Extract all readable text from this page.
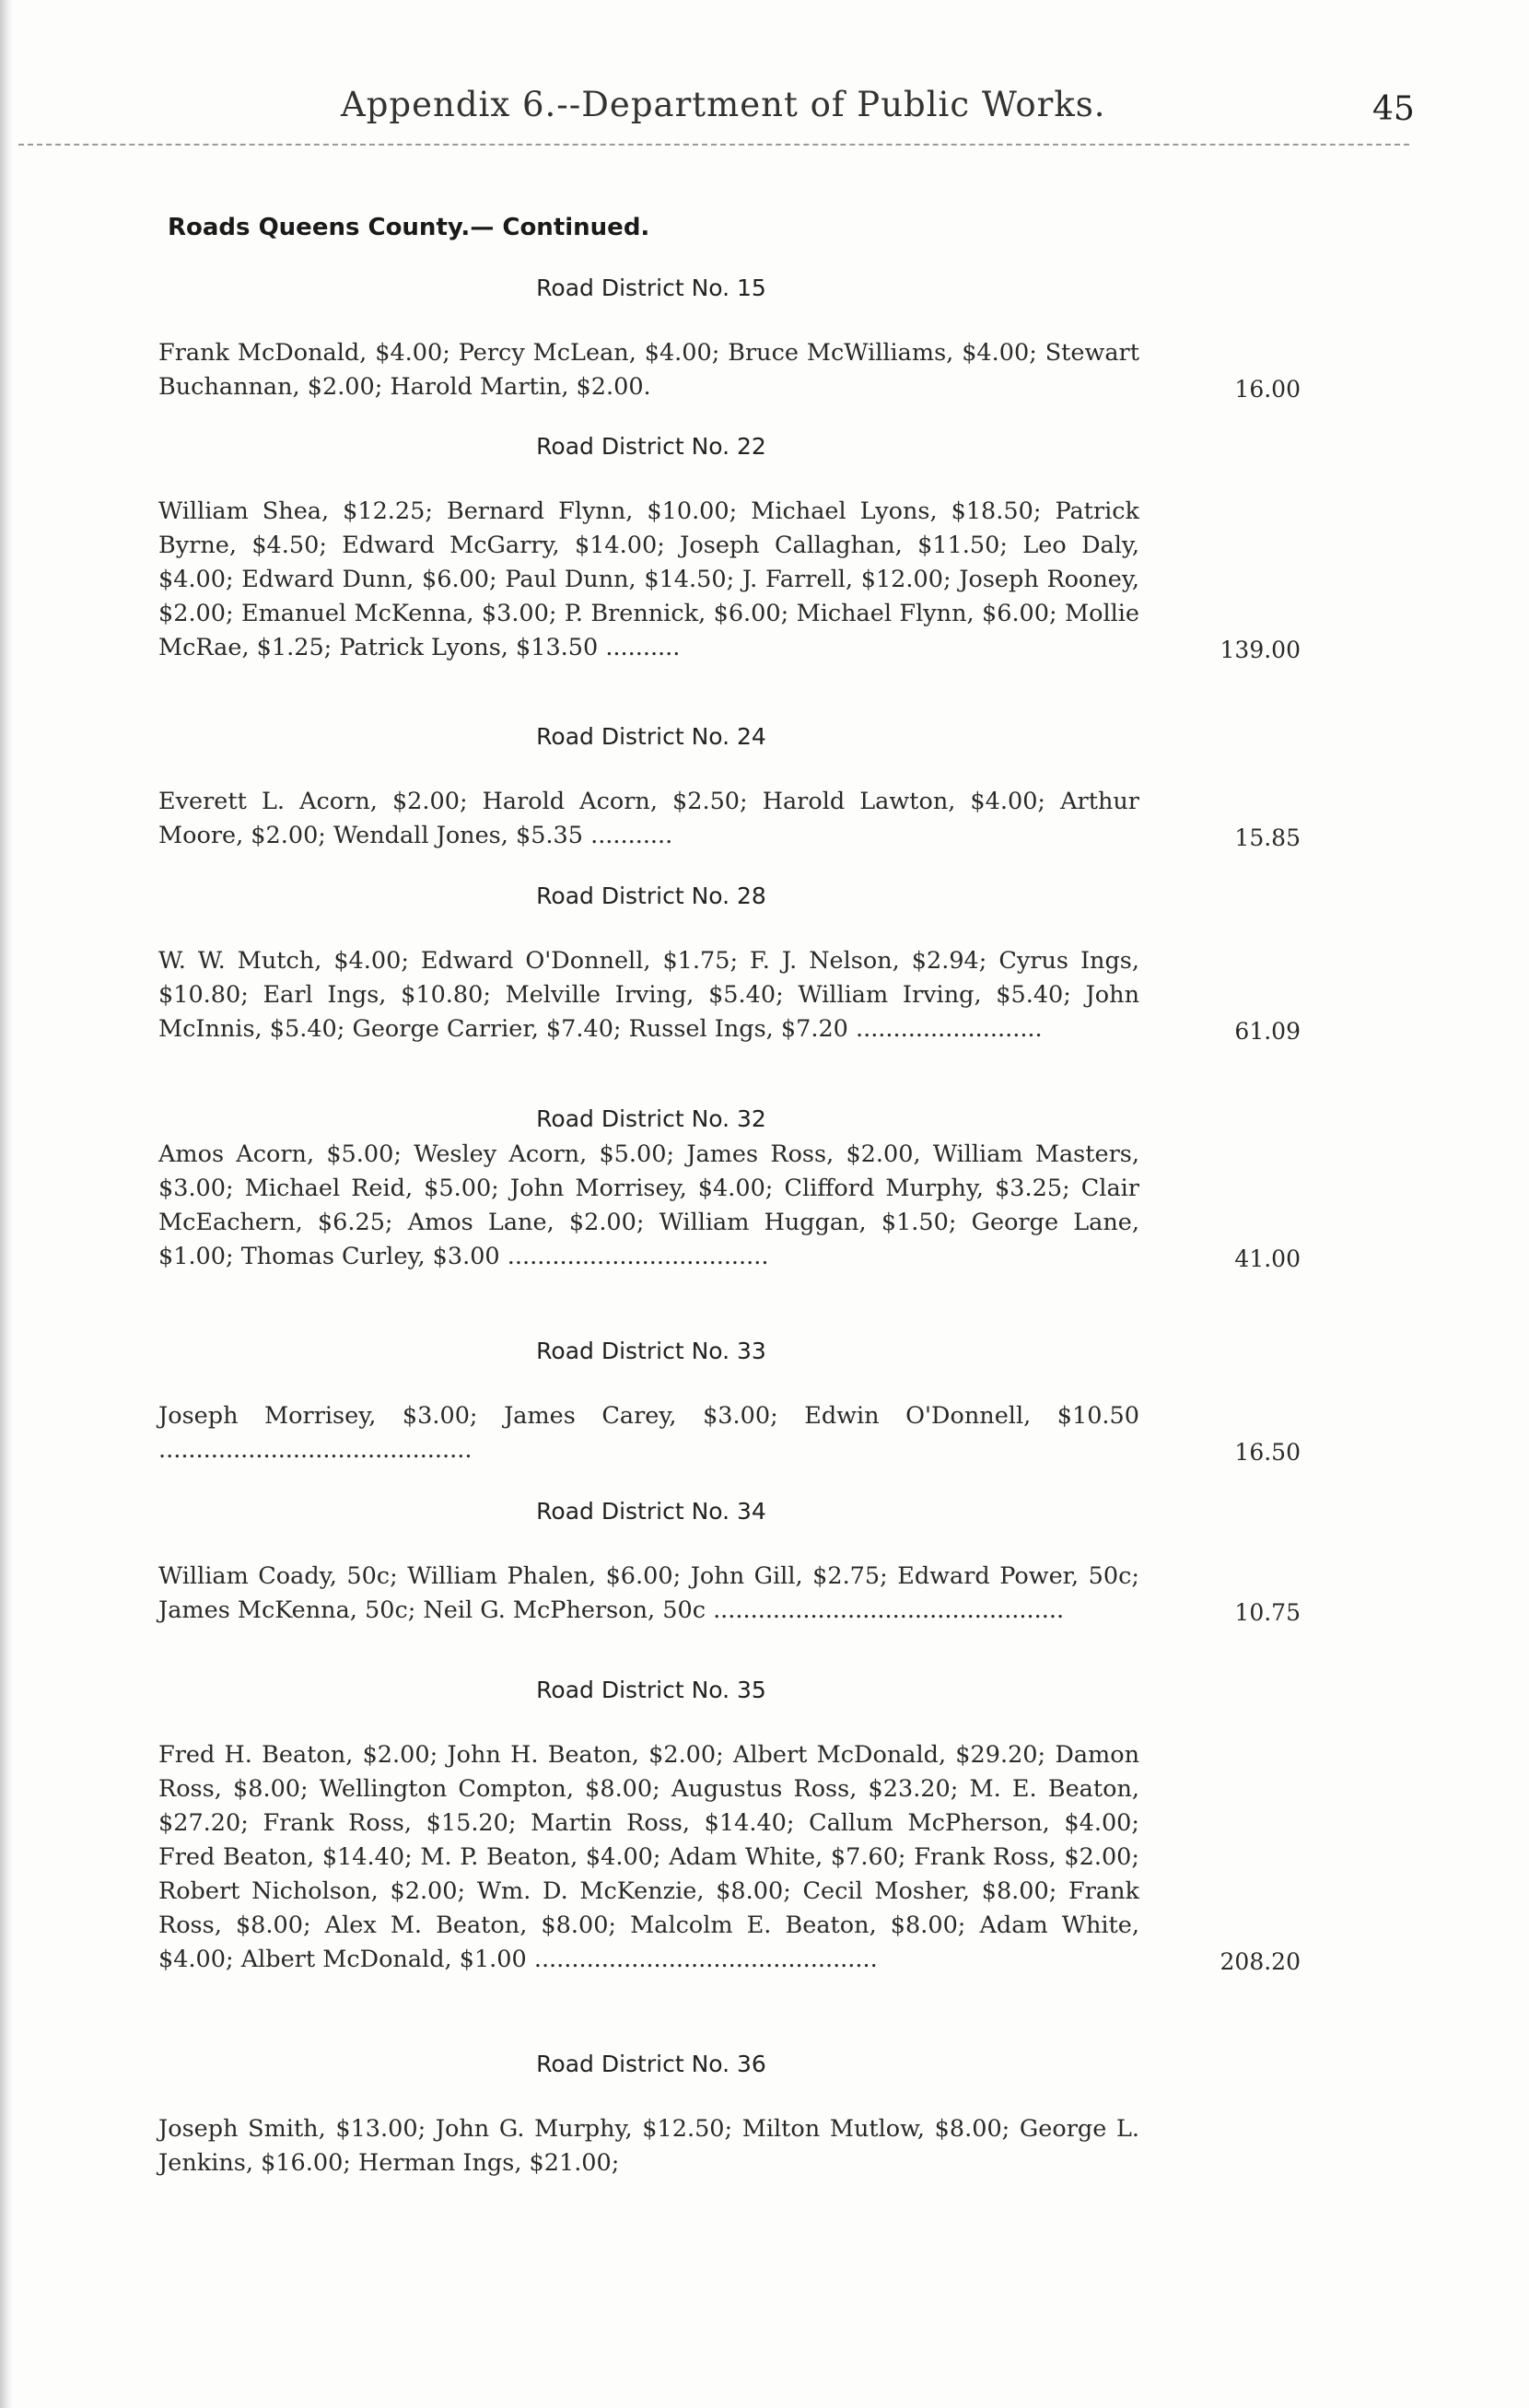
Appendix 6.--Department of Public Works.	45
Roads Queens County.— Continued.
Road District No. 15
Frank McDonald, $4.00; Percy McLean, $4.00; Bruce McWilliams, $4.00; Stewart Buchannan, $2.00; Harold Martin, $2.00.	16.00
Road District No. 22
William Shea, $12.25; Bernard Flynn, $10.00; Michael Lyons, $18.50; Patrick Byrne, $4.50; Edward McGarry, $14.00; Joseph Callaghan, $11.50; Leo Daly, $4.00; Edward Dunn, $6.00; Paul Dunn, $14.50; J. Farrell, $12.00; Joseph Rooney, $2.00; Emanuel McKenna, $3.00; P. Brennick, $6.00; Michael Flynn, $6.00; Mollie McRae, $1.25; Patrick Lyons, $13.50 ..........	139.00
Road District No. 24
Everett L. Acorn, $2.00; Harold Acorn, $2.50; Harold Lawton, $4.00; Arthur Moore, $2.00; Wendall Jones, $5.35 ...........	15.85
Road District No. 28
W. W. Mutch, $4.00; Edward O'Donnell, $1.75; F. J. Nelson, $2.94; Cyrus Ings, $10.80; Earl Ings, $10.80; Melville Irving, $5.40; William Irving, $5.40; John McInnis, $5.40; George Carrier, $7.40; Russel Ings, $7.20 .........................	61.09
Road District No. 32
Amos Acorn, $5.00; Wesley Acorn, $5.00; James Ross, $2.00, William Masters, $3.00; Michael Reid, $5.00; John Morrisey, $4.00; Clifford Murphy, $3.25; Clair McEachern, $6.25; Amos Lane, $2.00; William Huggan, $1.50; George Lane, $1.00; Thomas Curley, $3.00 ...................................	41.00
Road District No. 33
Joseph Morrisey, $3.00; James Carey, $3.00; Edwin O'Donnell, $10.50 ..........................................	16.50
Road District No. 34
William Coady, 50c; William Phalen, $6.00; John Gill, $2.75; Edward Power, 50c; James McKenna, 50c; Neil G. McPherson, 50c ...............................................	10.75
Road District No. 35
Fred H. Beaton, $2.00; John H. Beaton, $2.00; Albert McDonald, $29.20; Damon Ross, $8.00; Wellington Compton, $8.00; Augustus Ross, $23.20; M. E. Beaton, $27.20; Frank Ross, $15.20; Martin Ross, $14.40; Callum McPherson, $4.00; Fred Beaton, $14.40; M. P. Beaton, $4.00; Adam White, $7.60; Frank Ross, $2.00; Robert Nicholson, $2.00; Wm. D. McKenzie, $8.00; Cecil Mosher, $8.00; Frank Ross, $8.00; Alex M. Beaton, $8.00; Malcolm E. Beaton, $8.00; Adam White, $4.00; Albert McDonald, $1.00 ..............................................	208.20
Road District No. 36
Joseph Smith, $13.00; John G. Murphy, $12.50; Milton Mutlow, $8.00; George L. Jenkins, $16.00; Herman Ings, $21.00;
